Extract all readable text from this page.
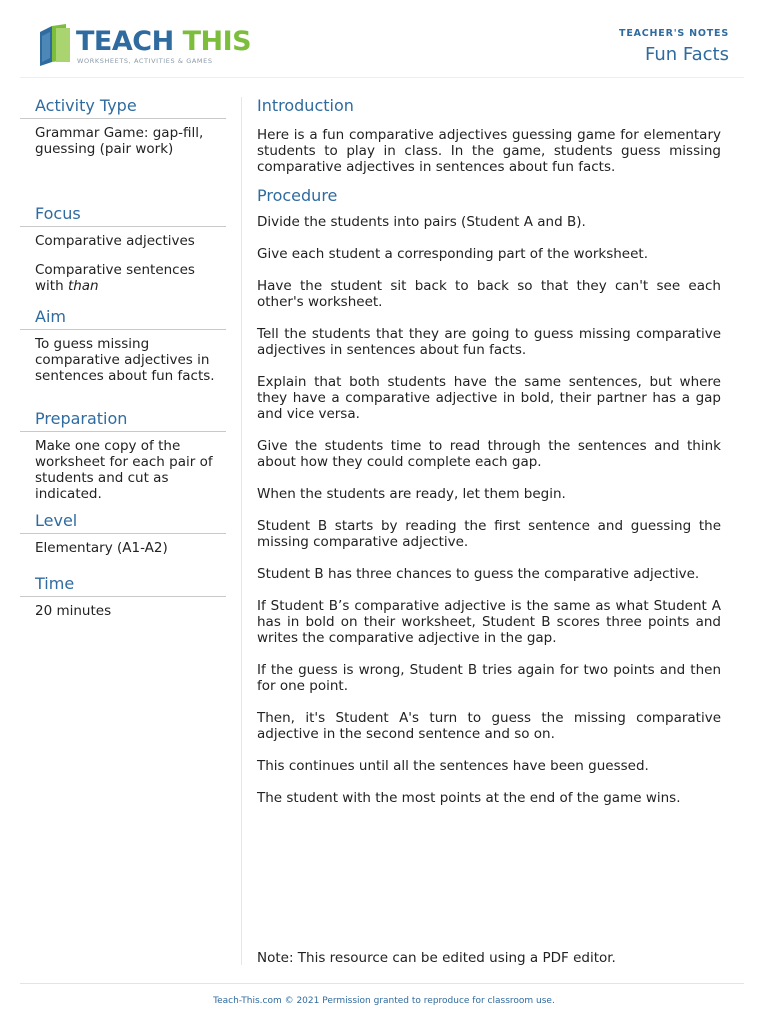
TEACH THIS
WORKSHEETS, ACTIVITIES & GAMES
TEACHER'S NOTES
Fun Facts
Activity Type

Grammar Game: gap-fill, guessing (pair work)

Focus

Comparative adjectives

Comparative sentences with than

Aim

To guess missing comparative adjectives in sentences about fun facts.

Preparation

Make one copy of the worksheet for each pair of students and cut as indicated.

Level

Elementary (A1-A2)

Time

20 minutes

Introduction

Here is a fun comparative adjectives guessing game for elementary students to play in class. In the game, students guess missing comparative adjectives in sentences about fun facts.

Procedure

Divide the students into pairs (Student A and B).

Give each student a corresponding part of the worksheet.

Have the student sit back to back so that they can't see each other's worksheet.

Tell the students that they are going to guess missing comparative adjectives in sentences about fun facts.

Explain that both students have the same sentences, but where they have a comparative adjective in bold, their partner has a gap and vice versa.

Give the students time to read through the sentences and think about how they could complete each gap.

When the students are ready, let them begin.

Student B starts by reading the first sentence and guessing the missing comparative adjective.

Student B has three chances to guess the comparative adjective.

If Student B’s comparative adjective is the same as what Student A has in bold on their worksheet, Student B scores three points and writes the comparative adjective in the gap.

If the guess is wrong, Student B tries again for two points and then for one point.

Then, it's Student A's turn to guess the missing comparative adjective in the second sentence and so on.

This continues until all the sentences have been guessed.

The student with the most points at the end of the game wins.

Note: This resource can be edited using a PDF editor.
Teach-This.com © 2021 Permission granted to reproduce for classroom use.
